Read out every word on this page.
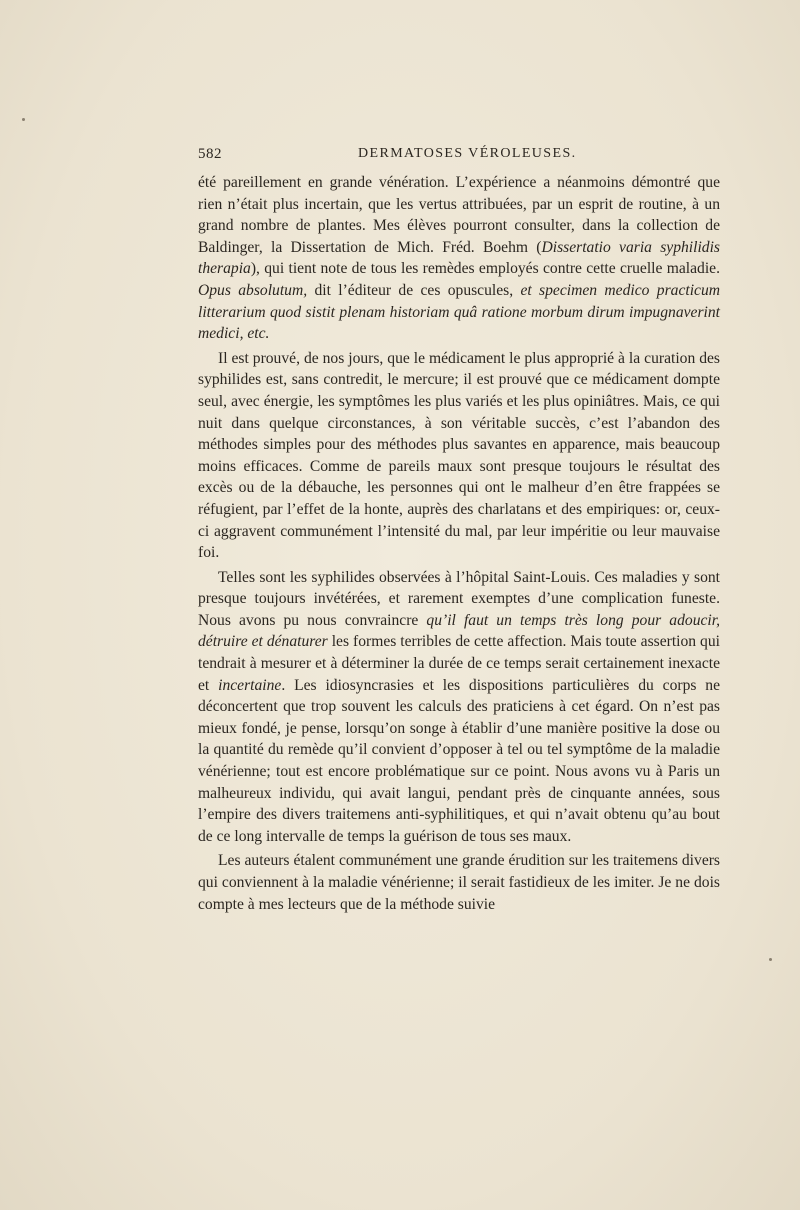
582	DERMATOSES VÉROLEUSES.

été pareillement en grande vénération. L’expérience a néanmoins démontré que rien n’était plus incertain, que les vertus attribuées, par un esprit de routine, à un grand nombre de plantes. Mes élèves pourront consulter, dans la collection de Baldinger, la Dissertation de Mich. Fréd. Boehm (Dissertatio varia syphilidis therapia), qui tient note de tous les remèdes employés contre cette cruelle maladie. Opus absolutum, dit l’éditeur de ces opuscules, et specimen medico practicum litterarium quod sistit plenam historiam quâ ratione morbum dirum impugnaverint medici, etc.

Il est prouvé, de nos jours, que le médicament le plus approprié à la curation des syphilides est, sans contredit, le mercure; il est prouvé que ce médicament dompte seul, avec énergie, les symptômes les plus variés et les plus opiniâtres. Mais, ce qui nuit dans quelque circonstances, à son véritable succès, c’est l’abandon des méthodes simples pour des méthodes plus savantes en apparence, mais beaucoup moins efficaces. Comme de pareils maux sont presque toujours le résultat des excès ou de la débauche, les personnes qui ont le malheur d’en être frappées se réfugient, par l’effet de la honte, auprès des charlatans et des empiriques: or, ceux-ci aggravent communément l’intensité du mal, par leur impéritie ou leur mauvaise foi.

Telles sont les syphilides observées à l’hôpital Saint-Louis. Ces maladies y sont presque toujours invétérées, et rarement exemptes d’une complication funeste. Nous avons pu nous convraincre qu’il faut un temps très long pour adoucir, détruire et dénaturer les formes terribles de cette affection. Mais toute assertion qui tendrait à mesurer et à déterminer la durée de ce temps serait certainement inexacte et incertaine. Les idiosyncrasies et les dispositions particulières du corps ne déconcertent que trop souvent les calculs des praticiens à cet égard. On n’est pas mieux fondé, je pense, lorsqu’on songe à établir d’une manière positive la dose ou la quantité du remède qu’il convient d’opposer à tel ou tel symptôme de la maladie vénérienne; tout est encore problématique sur ce point. Nous avons vu à Paris un malheureux individu, qui avait langui, pendant près de cinquante années, sous l’empire des divers traitemens anti-syphilitiques, et qui n’avait obtenu qu’au bout de ce long intervalle de temps la guérison de tous ses maux.

Les auteurs étalent communément une grande érudition sur les traitemens divers qui conviennent à la maladie vénérienne; il serait fastidieux de les imiter. Je ne dois compte à mes lecteurs que de la méthode suivie
